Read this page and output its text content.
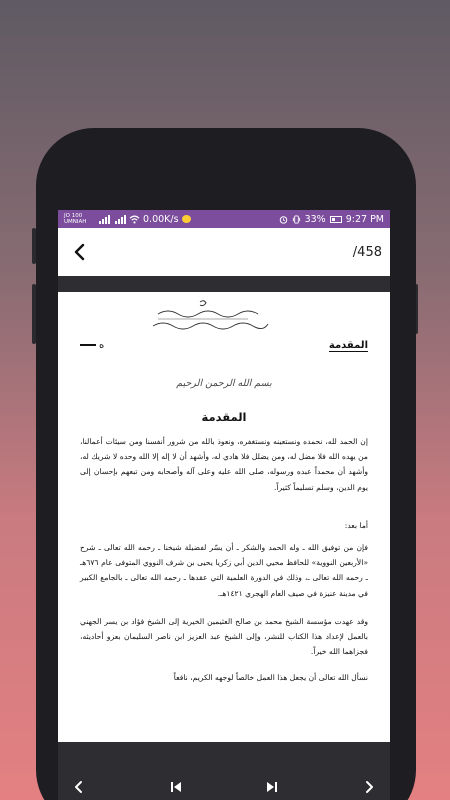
JO 100
UMNIAH	0.00K/s	33% 9:27 PM
/458
المقدمة
ه
بسم الله الرحمن الرحيم
المقدمة
إن الحمد لله، نحمده ونستعينه ونستغفره، ونعوذ بالله من شرور أنفسنا ومن سيئات أعمالنا، من يهده الله فلا مضل له، ومن يضلل فلا هادي له، وأشهد أن لا إله إلا الله وحده لا شريك له، وأشهد أن محمداً عبده ورسوله، صلى الله عليه وعلى آله وأصحابه ومن تبعهم بإحسان إلى يوم الدين، وسلم تسليماً كثيراً.
أما بعد:
فإن من توفيق الله ـ وله الحمد والشكر ـ أن يسّر لفضيلة شيخنا ـ رحمه الله تعالى ـ شرح «الأربعين النووية» للحافظ محيي الدين أبي زكريا يحيى بن شرف النووي المتوفى عام ٦٧٦هـ ـ رحمه الله تعالى ـ، وذلك في الدورة العلمية التي عقدها ـ رحمه الله تعالى ـ بالجامع الكبير في مدينة عنيزة في صيف العام الهجري ١٤٢١هـ.
وقد عهدت مؤسسة الشيخ محمد بن صالح العثيمين الخيرية إلى الشيخ فؤاد بن يسر الجهني بالعمل لإعداد هذا الكتاب للنشر، وإلى الشيخ عبد العزيز ابن ناصر السليمان بعزو أحاديثه، فجزاهما الله خيراً.
نسأل الله تعالى أن يجعل هذا العمل خالصاً لوجهه الكريم، نافعاً
